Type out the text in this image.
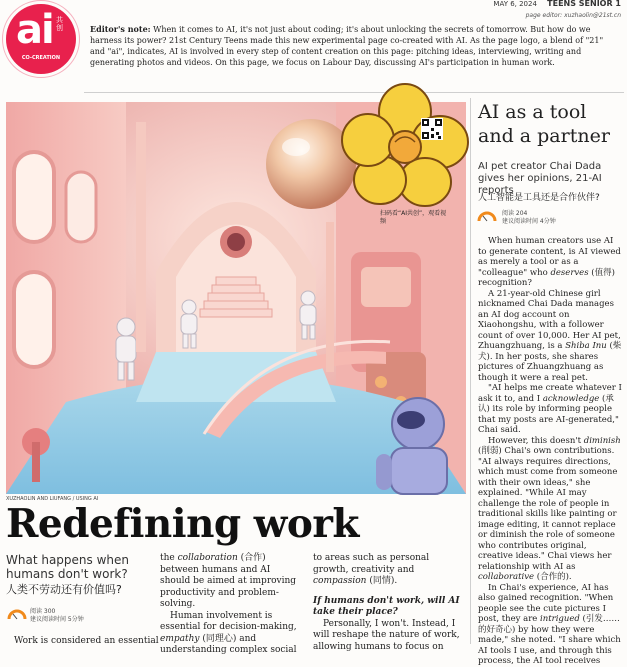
ai 共创
CO-CREATION
MAY 6, 2024 TEENS SENIOR 1
page editor: xuzhaolin@21st.cn
Editor's note: When it comes to AI, it's not just about coding; it's about unlocking the secrets of tomorrow. But how do we harness its power? 21st Century Teens made this new experimental page co-created with AI. As the page logo, a blend of "21" and "ai", indicates, AI is involved in every step of content creation on this page: pitching ideas, interviewing, writing and generating photos and videos. On this page, we focus on Labour Day, discussing AI's participation in human work.
XUZHAOLIN AND LIUFANG / USING AI
扫码看“AI共创”，观看视频
Redefining work
What happens when humans don't work?
人类不劳动还有价值吗?
阅读 300
建议阅读时间 5分钟
Work is considered an essential

the collaboration (合作) between humans and AI should be aimed at improving productivity and problem-solving.

Human involvement is essential for decision-making, empathy (同理心) and understanding complex social

to areas such as personal growth, creativity and compassion (同情).

If humans don't work, will AI take their place?

Personally, I won't. Instead, I will reshape the nature of work, allowing humans to focus on

AI as a tool and a partner
AI pet creator Chai Dada gives her opinions, 21-AI reports
人工智能是工具还是合作伙伴?
阅读 204
建议阅读时间 4分钟

When human creators use AI to generate content, is AI viewed as merely a tool or as a "colleague" who deserves (值得) recognition?

A 21-year-old Chinese girl nicknamed Chai Dada manages an AI dog account on Xiaohongshu, with a follower count of over 10,000. Her AI pet, Zhuangzhuang, is a Shiba Inu (柴犬). In her posts, she shares pictures of Zhuangzhuang as though it were a real pet.

"AI helps me create whatever I ask it to, and I acknowledge (承认) its role by informing people that my posts are AI-generated," Chai said.

However, this doesn't diminish (削弱) Chai's own contributions. "AI always requires directions, which must come from someone with their own ideas," she explained. "While AI may challenge the role of people in traditional skills like painting or image editing, it cannot replace or diminish the role of someone who contributes original, creative ideas." Chai views her relationship with AI as collaborative (合作的).

In Chai's experience, AI has also gained recognition. "When people see the cute pictures I post, they are intrigued (引发……的好奇心) by how they were made," she noted. "I share which AI tools I use, and through this process, the AI tool receives
